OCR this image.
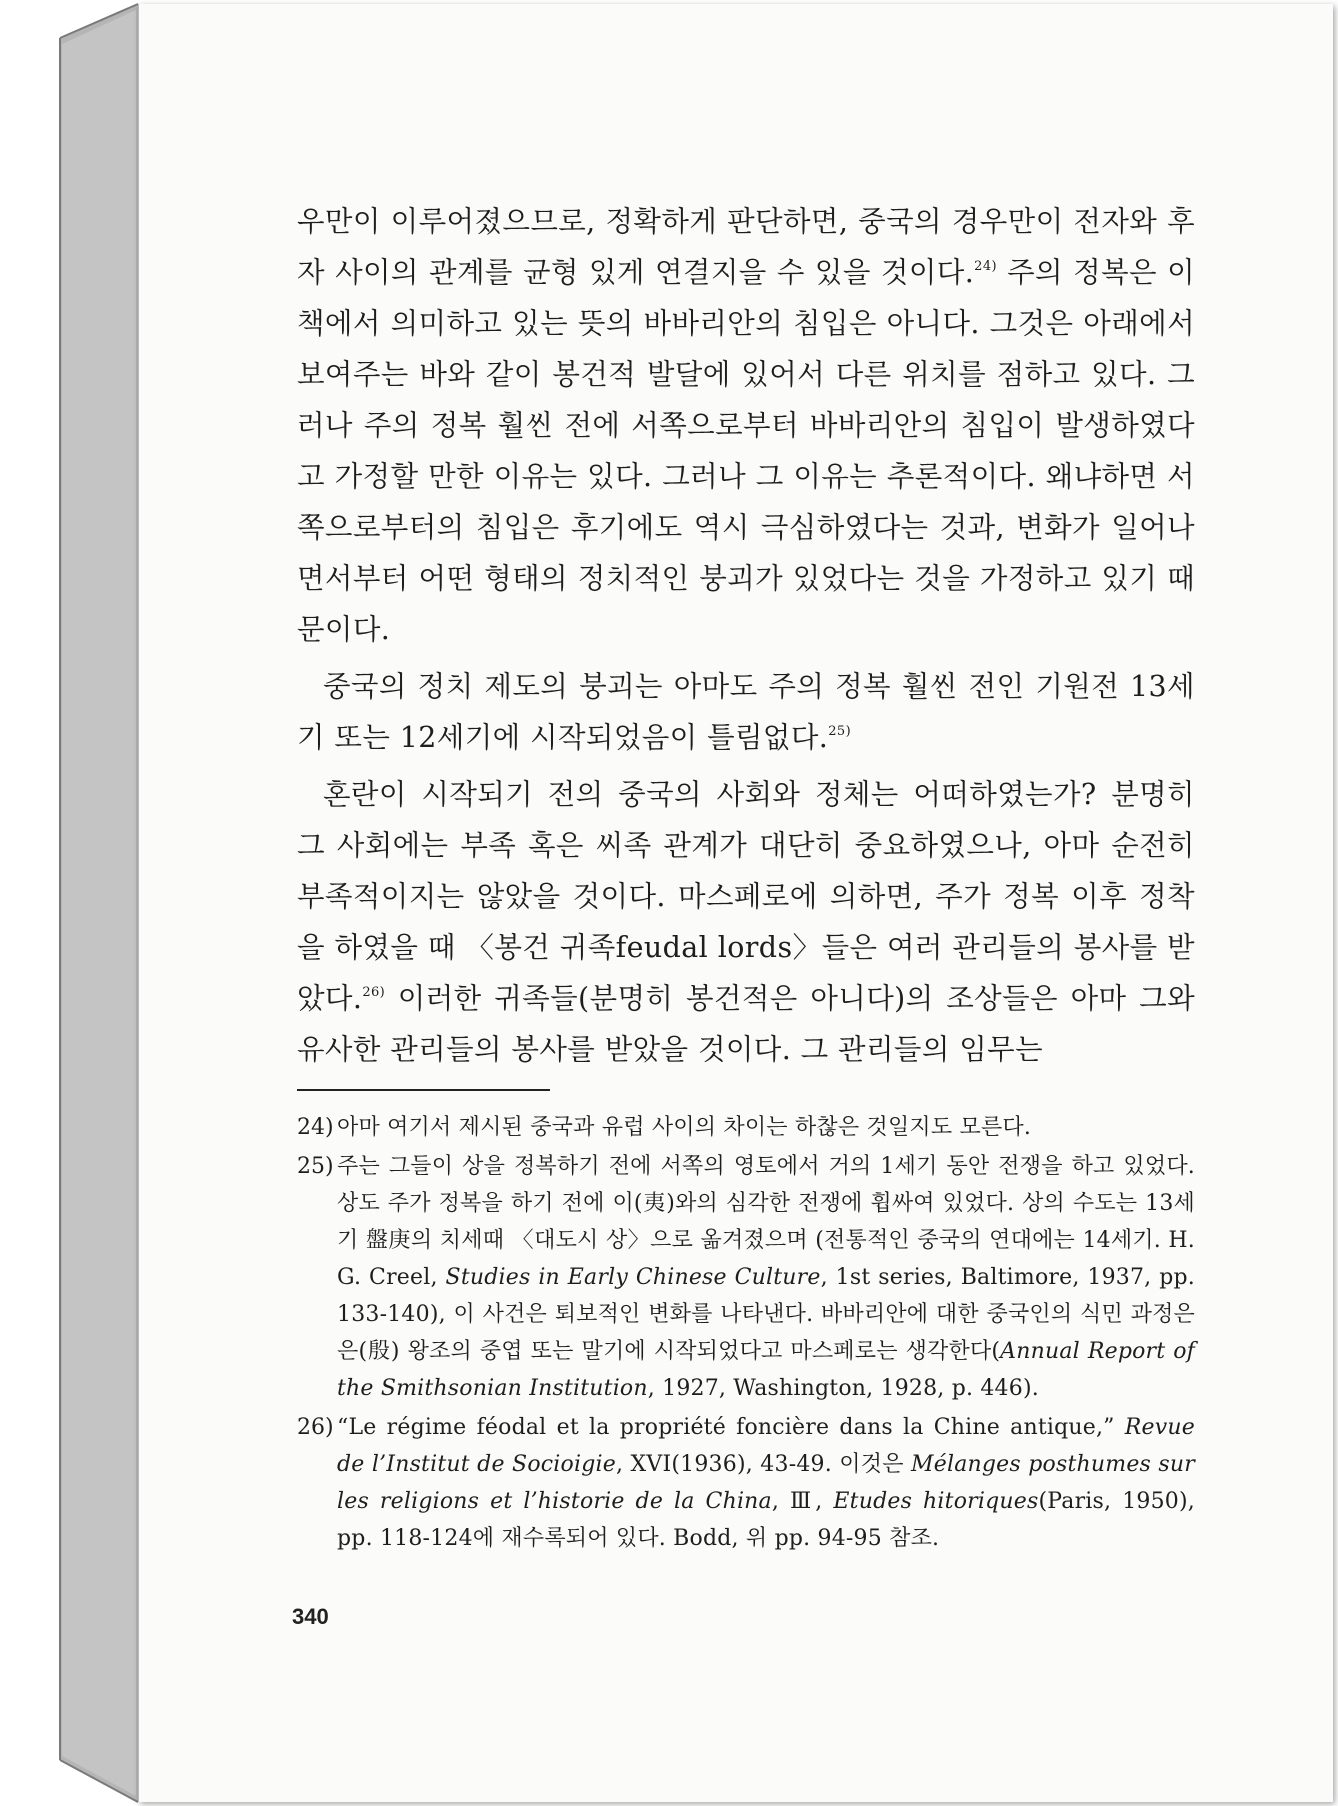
우만이 이루어졌으므로, 정확하게 판단하면, 중국의 경우만이 전자와 후자 사이의 관계를 균형 있게 연결지을 수 있을 것이다.$^{24)}$ 주의 정복은 이 책에서 의미하고 있는 뜻의 바바리안의 침입은 아니다. 그것은 아래에서 보여주는 바와 같이 봉건적 발달에 있어서 다른 위치를 점하고 있다. 그러나 주의 정복 훨씬 전에 서쪽으로부터 바바리안의 침입이 발생하였다고 가정할 만한 이유는 있다. 그러나 그 이유는 추론적이다. 왜냐하면 서쪽으로부터의 침입은 후기에도 역시 극심하였다는 것과, 변화가 일어나면서부터 어떤 형태의 정치적인 붕괴가 있었다는 것을 가정하고 있기 때문이다.

중국의 정치 제도의 붕괴는 아마도 주의 정복 훨씬 전인 기원전 13세기 또는 12세기에 시작되었음이 틀림없다.$^{25)}$

혼란이 시작되기 전의 중국의 사회와 정체는 어떠하였는가? 분명히 그 사회에는 부족 혹은 씨족 관계가 대단히 중요하였으나, 아마 순전히 부족적이지는 않았을 것이다. 마스페로에 의하면, 주가 정복 이후 정착을 하였을 때 〈봉건 귀족feudal lords〉들은 여러 관리들의 봉사를 받았다.$^{26)}$ 이러한 귀족들(분명히 봉건적은 아니다)의 조상들은 아마 그와 유사한 관리들의 봉사를 받았을 것이다. 그 관리들의 임무는

24) 아마 여기서 제시된 중국과 유럽 사이의 차이는 하찮은 것일지도 모른다.
25) 주는 그들이 상을 정복하기 전에 서쪽의 영토에서 거의 1세기 동안 전쟁을 하고 있었다. 상도 주가 정복을 하기 전에 이(夷)와의 심각한 전쟁에 휩싸여 있었다. 상의 수도는 13세기 盤庚의 치세때 〈대도시 상〉으로 옮겨졌으며 (전통적인 중국의 연대에는 14세기. H. G. Creel, Studies in Early Chinese Culture, 1st series, Baltimore, 1937, pp. 133-140), 이 사건은 퇴보적인 변화를 나타낸다. 바바리안에 대한 중국인의 식민 과정은 은(殷) 왕조의 중엽 또는 말기에 시작되었다고 마스페로는 생각한다(Annual Report of the Smithsonian Institution, 1927, Washington, 1928, p. 446).
26) “Le régime féodal et la propriété foncière dans la Chine antique,” Revue de l’Institut de Socioigie, XVI(1936), 43-49. 이것은 Mélanges posthumes sur les religions et l’historie de la China, Ⅲ, Etudes hitoriques(Paris, 1950), pp. 118-124에 재수록되어 있다. Bodd, 위 pp. 94-95 참조.
340
